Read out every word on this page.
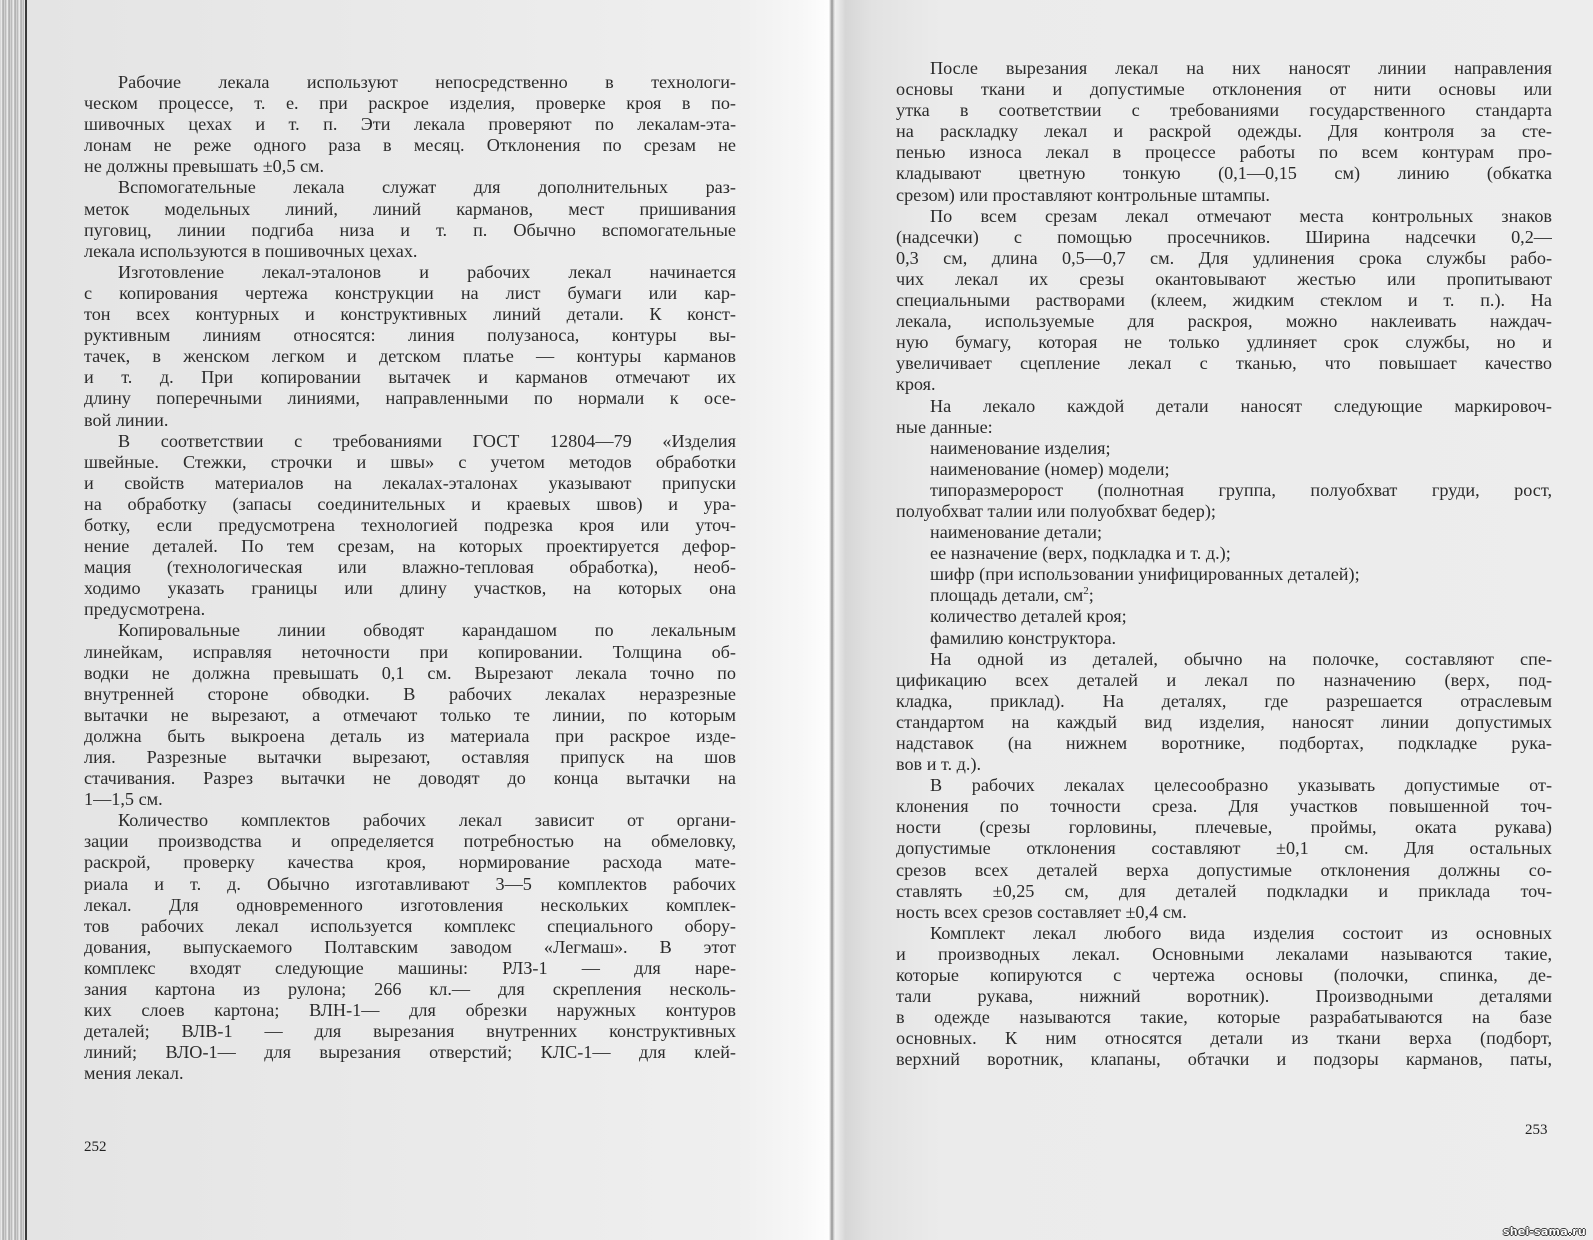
Рабочие лекала используют непосредственно в технологи-
ческом процессе, т. е. при раскрое изделия, проверке кроя в по-
шивочных цехах и т. п. Эти лекала проверяют по лекалам-эта-
лонам не реже одного раза в месяц. Отклонения по срезам не
не должны превышать ±0,5 см.
Вспомогательные лекала служат для дополнительных раз-
меток модельных линий, линий карманов, мест пришивания
пуговиц, линии подгиба низа и т. п. Обычно вспомогательные
лекала используются в пошивочных цехах.
Изготовление лекал-эталонов и рабочих лекал начинается
с копирования чертежа конструкции на лист бумаги или кар-
тон всех контурных и конструктивных линий детали. К конст-
руктивным линиям относятся: линия полузаноса, контуры вы-
тачек, в женском легком и детском платье — контуры карманов
и т. д. При копировании вытачек и карманов отмечают их
длину поперечными линиями, направленными по нормали к осе-
вой линии.
В соответствии с требованиями ГОСТ 12804—79 «Изделия
швейные. Стежки, строчки и швы» с учетом методов обработки
и свойств материалов на лекалах-эталонах указывают припуски
на обработку (запасы соединительных и краевых швов) и ура-
ботку, если предусмотрена технологией подрезка кроя или уточ-
нение деталей. По тем срезам, на которых проектируется дефор-
мация (технологическая или влажно-тепловая обработка), необ-
ходимо указать границы или длину участков, на которых она
предусмотрена.
Копировальные линии обводят карандашом по лекальным
линейкам, исправляя неточности при копировании. Толщина об-
водки не должна превышать 0,1 см. Вырезают лекала точно по
внутренней стороне обводки. В рабочих лекалах неразрезные
вытачки не вырезают, а отмечают только те линии, по которым
должна быть выкроена деталь из материала при раскрое изде-
лия. Разрезные вытачки вырезают, оставляя припуск на шов
стачивания. Разрез вытачки не доводят до конца вытачки на
1—1,5 см.
Количество комплектов рабочих лекал зависит от органи-
зации производства и определяется потребностью на обмеловку,
раскрой, проверку качества кроя, нормирование расхода мате-
риала и т. д. Обычно изготавливают 3—5 комплектов рабочих
лекал. Для одновременного изготовления нескольких комплек-
тов рабочих лекал используется комплекс специального обору-
дования, выпускаемого Полтавским заводом «Легмаш». В этот
комплекс входят следующие машины: РЛЗ-1 — для наре-
зания картона из рулона; 266 кл.— для скрепления несколь-
ких слоев картона; ВЛН-1— для обрезки наружных контуров
деталей; ВЛВ-1 — для вырезания внутренних конструктивных
линий; ВЛО-1— для вырезания отверстий; КЛС-1— для клей-
мения лекал.
После вырезания лекал на них наносят линии направления
основы ткани и допустимые отклонения от нити основы или
утка в соответствии с требованиями государственного стандарта
на раскладку лекал и раскрой одежды. Для контроля за сте-
пенью износа лекал в процессе работы по всем контурам про-
кладывают цветную тонкую (0,1—0,15 см) линию (обкатка
срезом) или проставляют контрольные штампы.
По всем срезам лекал отмечают места контрольных знаков
(надсечки) с помощью просечников. Ширина надсечки 0,2—
0,3 см, длина 0,5—0,7 см. Для удлинения срока службы рабо-
чих лекал их срезы окантовывают жестью или пропитывают
специальными растворами (клеем, жидким стеклом и т. п.). На
лекала, используемые для раскроя, можно наклеивать наждач-
ную бумагу, которая не только удлиняет срок службы, но и
увеличивает сцепление лекал с тканью, что повышает качество
кроя.
На лекало каждой детали наносят следующие маркировоч-
ные данные:
наименование изделия;
наименование (номер) модели;
типоразмеророст (полнотная группа, полуобхват груди, рост,
полуобхват талии или полуобхват бедер);
наименование детали;
ее назначение (верх, подкладка и т. д.);
шифр (при использовании унифицированных деталей);
площадь детали, $см^2$;
количество деталей кроя;
фамилию конструктора.
На одной из деталей, обычно на полочке, составляют спе-
цификацию всех деталей и лекал по назначению (верх, под-
кладка, приклад). На деталях, где разрешается отраслевым
стандартом на каждый вид изделия, наносят линии допустимых
надставок (на нижнем воротнике, подбортах, подкладке рука-
вов и т. д.).
В рабочих лекалах целесообразно указывать допустимые от-
клонения по точности среза. Для участков повышенной точ-
ности (срезы горловины, плечевые, проймы, оката рукава)
допустимые отклонения составляют ±0,1 см. Для остальных
срезов всех деталей верха допустимые отклонения должны со-
ставлять ±0,25 см, для деталей подкладки и приклада точ-
ность всех срезов составляет ±0,4 см.
Комплект лекал любого вида изделия состоит из основных
и производных лекал. Основными лекалами называются такие,
которые копируются с чертежа основы (полочки, спинка, де-
тали рукава, нижний воротник). Производными деталями
в одежде называются такие, которые разрабатываются на базе
основных. К ним относятся детали из ткани верха (подборт,
верхний воротник, клапаны, обтачки и подзоры карманов, паты,
252
253
shei-sama.ru
